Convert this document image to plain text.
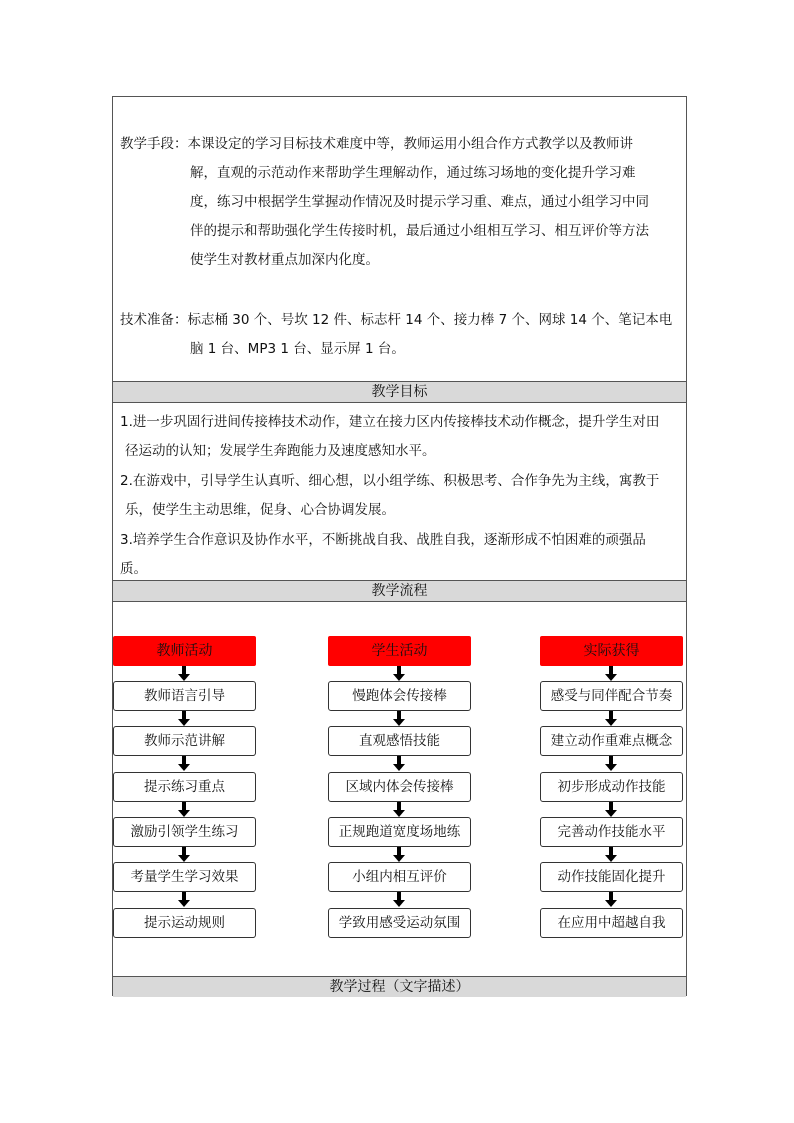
教学手段：本课设定的学习目标技术难度中等，教师运用小组合作方式教学以及教师讲
解，直观的示范动作来帮助学生理解动作，通过练习场地的变化提升学习难
度，练习中根据学生掌握动作情况及时提示学习重、难点，通过小组学习中同
伴的提示和帮助强化学生传接时机，最后通过小组相互学习、相互评价等方法
使学生对教材重点加深内化度。
技术准备：标志桶 30 个、号坎 12 件、标志杆 14 个、接力棒 7 个、网球 14 个、笔记本电
脑 1 台、MP3 1 台、显示屏 1 台。
教学目标
1.进一步巩固行进间传接棒技术动作，建立在接力区内传接棒技术动作概念，提升学生对田
径运动的认知；发展学生奔跑能力及速度感知水平。
2.在游戏中，引导学生认真听、细心想，以小组学练、积极思考、合作争先为主线，寓教于
乐，使学生主动思维，促身、心合协调发展。
3.培养学生合作意识及协作水平，不断挑战自我、战胜自我，逐渐形成不怕困难的顽强品
质。
教学流程
教师活动
教师语言引导
教师示范讲解
提示练习重点
激励引领学生练习
考量学生学习效果
提示运动规则
学生活动
慢跑体会传接棒
直观感悟技能
区域内体会传接棒
正规跑道宽度场地练
小组内相互评价
学致用感受运动氛围
实际获得
感受与同伴配合节奏
建立动作重难点概念
初步形成动作技能
完善动作技能水平
动作技能固化提升
在应用中超越自我
教学过程（文字描述）
